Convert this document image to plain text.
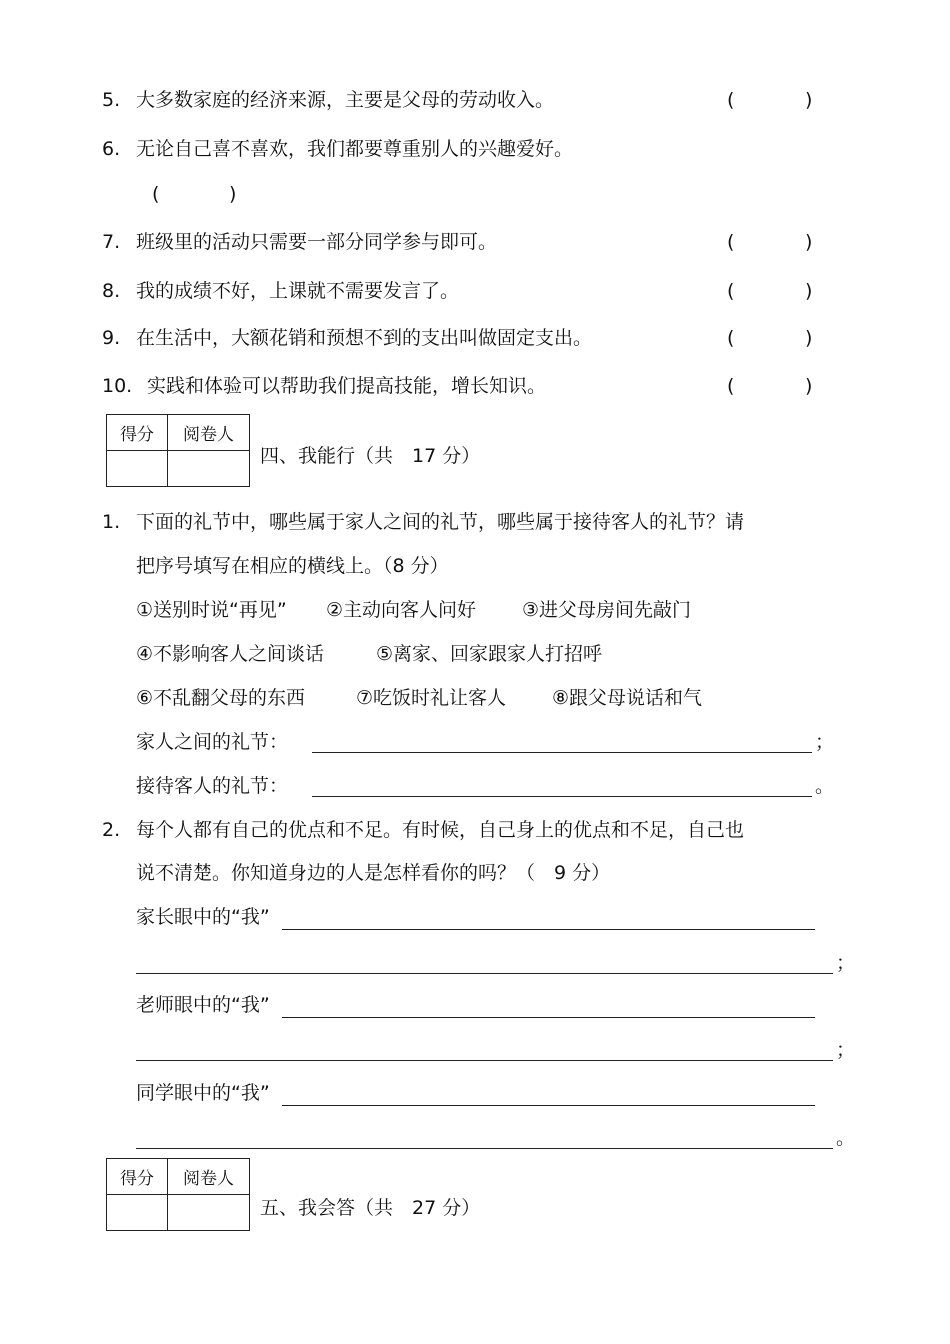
5. 大多数家庭的经济来源，主要是父母的劳动收入。	(	)
6. 无论自己喜不喜欢，我们都要尊重别人的兴趣爱好。
(	)
7. 班级里的活动只需要一部分同学参与即可。	(	)
8. 我的成绩不好，上课就不需要发言了。	(	)
9. 在生活中，大额花销和预想不到的支出叫做固定支出。	(	)
10. 实践和体验可以帮助我们提高技能，增长知识。	(	)
得分	阅卷人

四、我能行（共　17 分）
1. 下面的礼节中，哪些属于家人之间的礼节，哪些属于接待客人的礼节？请
把序号填写在相应的横线上。（8 分）
①送别时说“再见” ②主动向客人问好 ③进父母房间先敲门
④不影响客人之间谈话	⑤离家、回家跟家人打招呼
⑥不乱翻父母的东西	⑦吃饭时礼让客人 ⑧跟父母说话和气
家人之间的礼节：	；
接待客人的礼节：	。
2. 每个人都有自己的优点和不足。有时候，自己身上的优点和不足，自己也
说不清楚。你知道身边的人是怎样看你的吗？（　9 分）
家长眼中的“我”
；
老师眼中的“我”
；
同学眼中的“我”
。
得分	阅卷人

五、我会答（共　27 分）
